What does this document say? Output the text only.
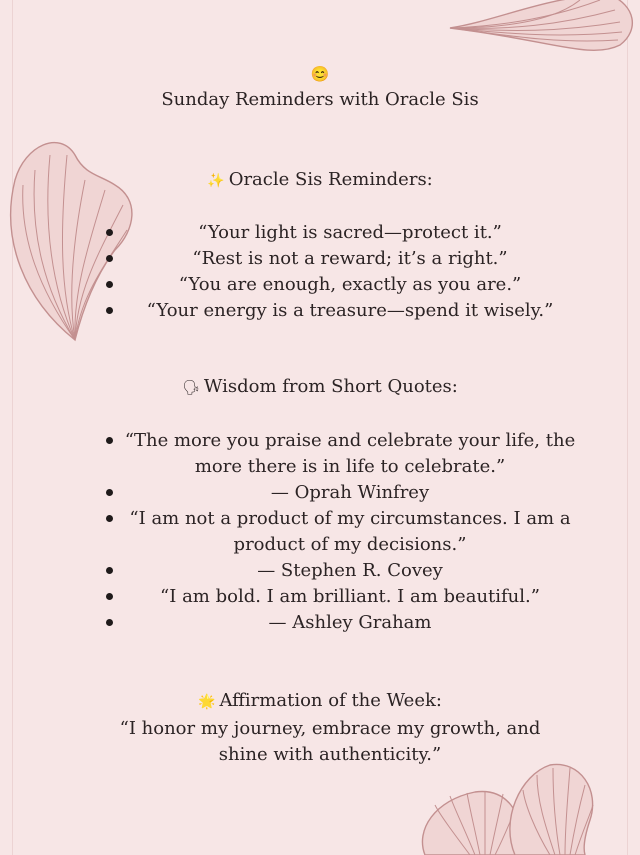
😊
Sunday Reminders with Oracle Sis
✨ Oracle Sis Reminders:
“Your light is sacred—protect it.”
“Rest is not a reward; it’s a right.”
“You are enough, exactly as you are.”
“Your energy is a treasure—spend it wisely.”
🗣 Wisdom from Short Quotes:
“The more you praise and celebrate your life, the more there is in life to celebrate.”
— Oprah Winfrey
“I am not a product of my circumstances. I am a product of my decisions.”
— Stephen R. Covey
“I am bold. I am brilliant. I am beautiful.”
— Ashley Graham
🌟 Affirmation of the Week:
“I honor my journey, embrace my growth, and shine with authenticity.”
